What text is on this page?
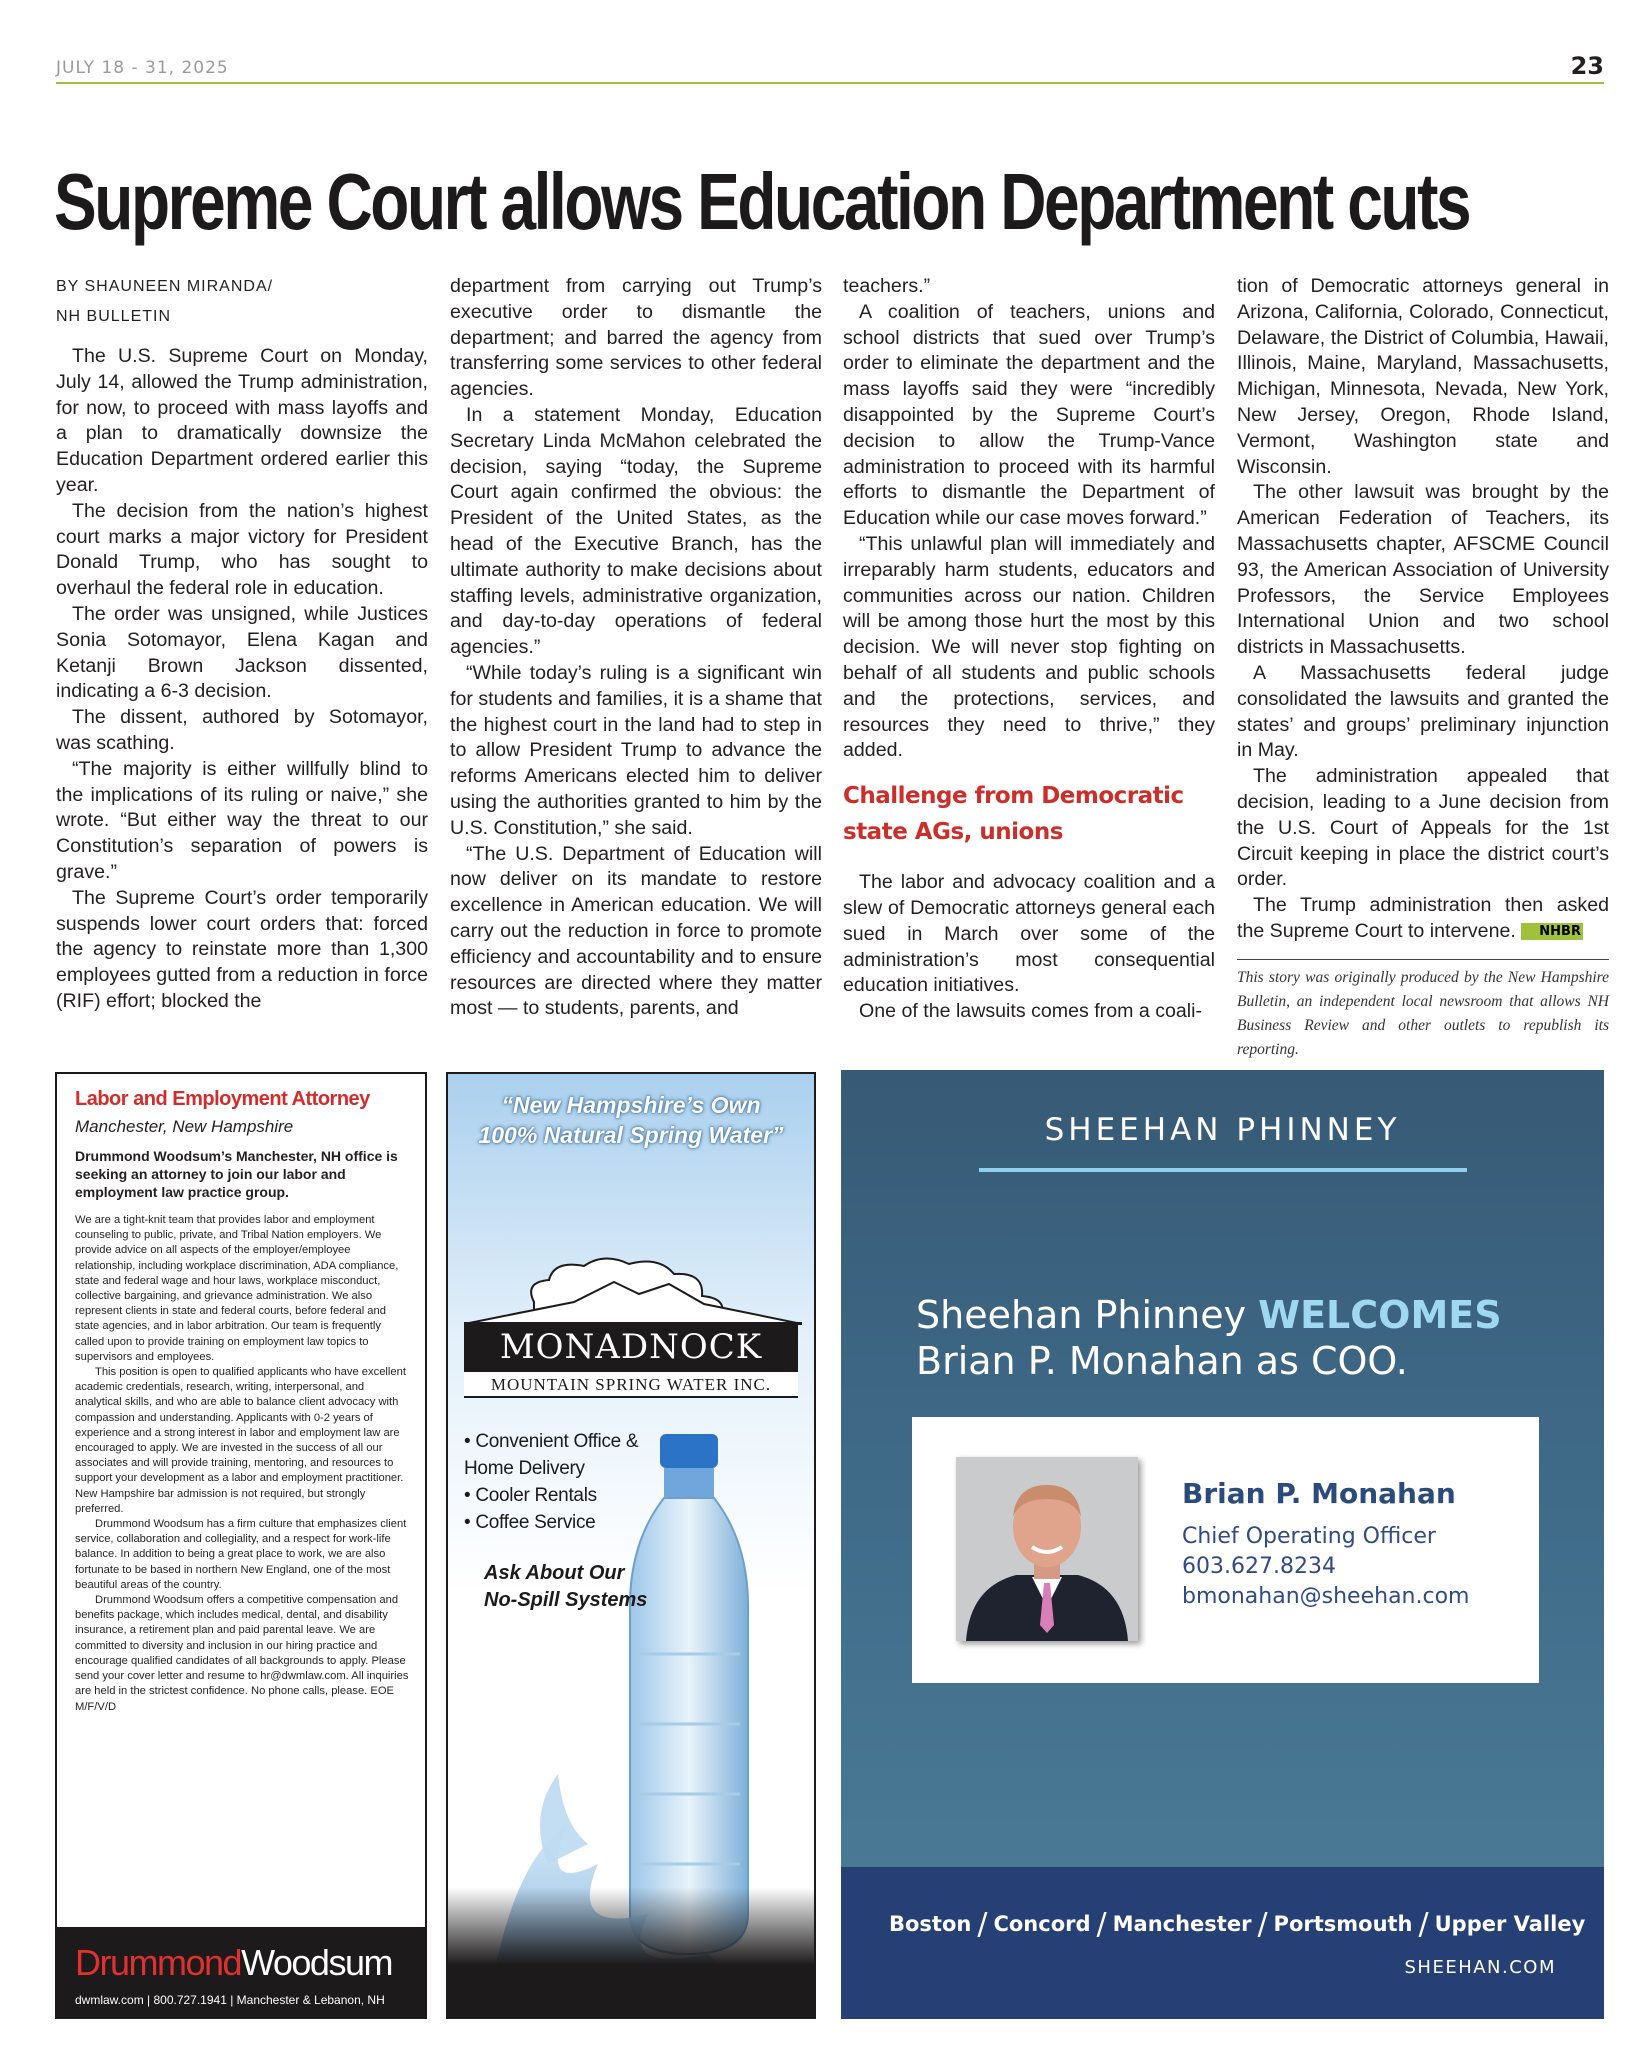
JULY 18 - 31, 2025	23
Supreme Court allows Education Department cuts

BY SHAUNEEN MIRANDA/

NH BULLETIN

The U.S. Supreme Court on Monday, July 14, allowed the Trump administration, for now, to proceed with mass layoffs and a plan to dramatically downsize the Education Department ordered earlier this year.

The decision from the nation’s highest court marks a major victory for President Donald Trump, who has sought to overhaul the federal role in education.

The order was unsigned, while Justices Sonia Sotomayor, Elena Kagan and Ketanji Brown Jackson dissented, indicating a 6-3 decision.

The dissent, authored by Sotomayor, was scathing.

“The majority is either willfully blind to the implications of its ruling or naive,” she wrote. “But either way the threat to our Constitution’s separation of powers is grave.”

The Supreme Court’s order temporarily suspends lower court orders that: forced the agency to reinstate more than 1,300 employees gutted from a reduction in force (RIF) effort; blocked the

department from carrying out Trump’s executive order to dismantle the department; and barred the agency from transferring some services to other federal agencies.

In a statement Monday, Education Secretary Linda McMahon celebrated the decision, saying “today, the Supreme Court again confirmed the obvious: the President of the United States, as the head of the Executive Branch, has the ultimate authority to make decisions about staffing levels, administrative organization, and day-to-day operations of federal agencies.”

“While today’s ruling is a significant win for students and families, it is a shame that the highest court in the land had to step in to allow President Trump to advance the reforms Americans elected him to deliver using the authorities granted to him by the U.S. Constitution,” she said.

“The U.S. Department of Education will now deliver on its mandate to restore excellence in American education. We will carry out the reduction in force to promote efficiency and accountability and to ensure resources are directed where they matter most — to students, parents, and

teachers.”

A coalition of teachers, unions and school districts that sued over Trump’s order to eliminate the department and the mass layoffs said they were “incredibly disappointed by the Supreme Court’s decision to allow the Trump-Vance administration to proceed with its harmful efforts to dismantle the Department of Education while our case moves forward.”

“This unlawful plan will immediately and irreparably harm students, educators and communities across our nation. Children will be among those hurt the most by this decision. We will never stop fighting on behalf of all students and public schools and the protections, services, and resources they need to thrive,” they added.

Challenge from Democratic state AGs, unions

The labor and advocacy coalition and a slew of Democratic attorneys general each sued in March over some of the administration’s most consequential education initiatives.

One of the lawsuits comes from a coali-

tion of Democratic attorneys general in Arizona, California, Colorado, Connecticut, Delaware, the District of Columbia, Hawaii, Illinois, Maine, Maryland, Massachusetts, Michigan, Minnesota, Nevada, New York, New Jersey, Oregon, Rhode Island, Vermont, Washington state and Wisconsin.

The other lawsuit was brought by the American Federation of Teachers, its Massachusetts chapter, AFSCME Council 93, the American Association of University Professors, the Service Employees International Union and two school districts in Massachusetts.

A Massachusetts federal judge consolidated the lawsuits and granted the states’ and groups’ preliminary injunction in May.

The administration appealed that decision, leading to a June decision from the U.S. Court of Appeals for the 1st Circuit keeping in place the district court’s order.

The Trump administration then asked the Supreme Court to intervene. NHBR

This story was originally produced by the New Hampshire Bulletin, an independent local newsroom that allows NH Business Review and other outlets to republish its reporting.

Labor and Employment Attorney
Manchester, New Hampshire
Drummond Woodsum’s Manchester, NH office is seeking an attorney to join our labor and employment law practice group.

We are a tight-knit team that provides labor and employment counseling to public, private, and Tribal Nation employers. We provide advice on all aspects of the employer/employee relationship, including workplace discrimination, ADA compliance, state and federal wage and hour laws, workplace misconduct, collective bargaining, and grievance administration. We also represent clients in state and federal courts, before federal and state agencies, and in labor arbitration. Our team is frequently called upon to provide training on employment law topics to supervisors and employees.

This position is open to qualified applicants who have excellent academic credentials, research, writing, interpersonal, and analytical skills, and who are able to balance client advocacy with compassion and understanding. Applicants with 0-2 years of experience and a strong interest in labor and employment law are encouraged to apply. We are invested in the success of all our associates and will provide training, mentoring, and resources to support your development as a labor and employment practitioner. New Hampshire bar admission is not required, but strongly preferred.

Drummond Woodsum has a firm culture that emphasizes client service, collaboration and collegiality, and a respect for work-life balance. In addition to being a great place to work, we are also fortunate to be based in northern New England, one of the most beautiful areas of the country.

Drummond Woodsum offers a competitive compensation and benefits package, which includes medical, dental, and disability insurance, a retirement plan and paid parental leave. We are committed to diversity and inclusion in our hiring practice and encourage qualified candidates of all backgrounds to apply. Please send your cover letter and resume to hr@dwmlaw.com. All inquiries are held in the strictest confidence. No phone calls, please. EOE M/F/V/D

DrummondWoodsum
dwmlaw.com | 800.727.1941 | Manchester & Lebanon, NH
“New Hampshire’s Own
100% Natural Spring Water”
MONADNOCK
MOUNTAIN SPRING WATER INC.
• Convenient Office & Home Delivery
• Cooler Rentals
• Coffee Service
Ask About Our No-Spill Systems
SHEEHAN PHINNEY
Sheehan Phinney WELCOMES
Brian P. Monahan as COO.
Brian P. Monahan
Chief Operating Officer
603.627.8234
bmonahan@sheehan.com
Boston / Concord / Manchester / Portsmouth / Upper Valley
SHEEHAN.COM
